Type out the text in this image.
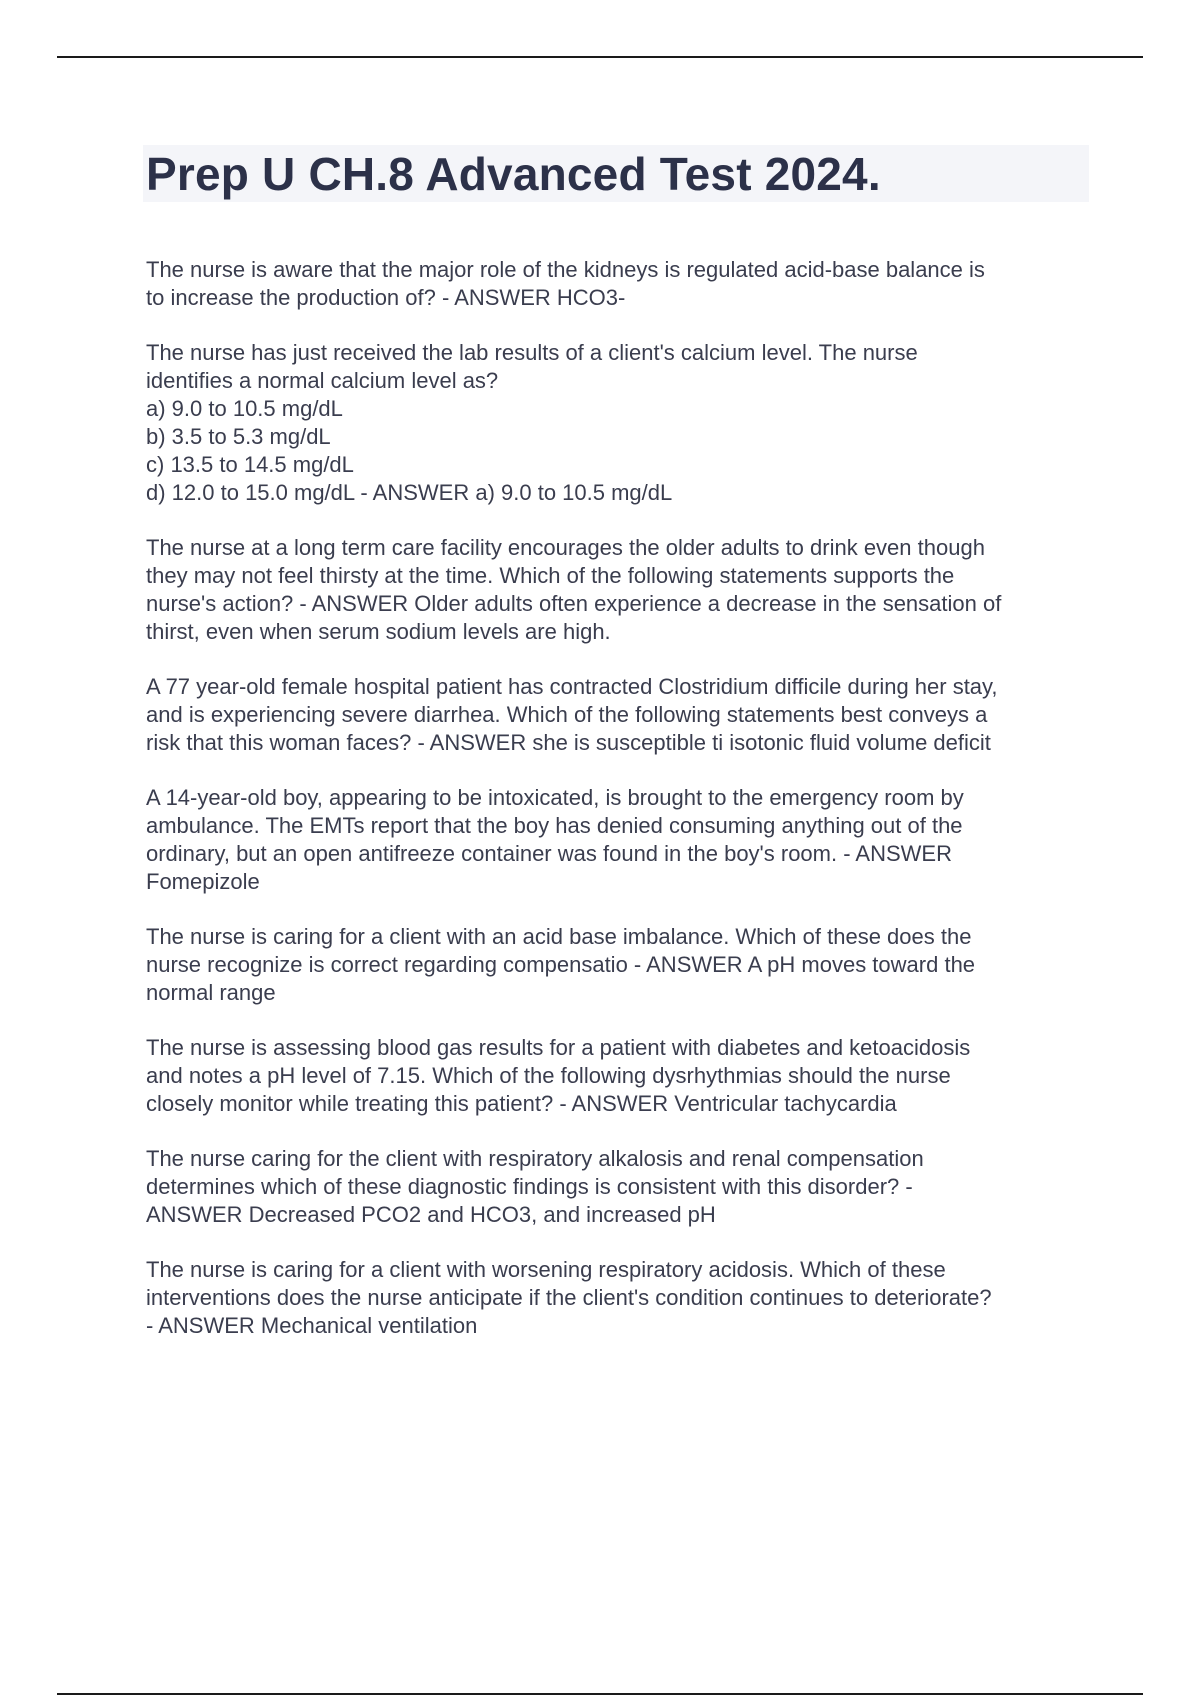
Prep U CH.8 Advanced Test 2024.

The nurse is aware that the major role of the kidneys is regulated acid-base balance is
to increase the production of? - ANSWER HCO3-

The nurse has just received the lab results of a client's calcium level. The nurse
identifies a normal calcium level as?
a) 9.0 to 10.5 mg/dL
b) 3.5 to 5.3 mg/dL
c) 13.5 to 14.5 mg/dL
d) 12.0 to 15.0 mg/dL - ANSWER a) 9.0 to 10.5 mg/dL

The nurse at a long term care facility encourages the older adults to drink even though
they may not feel thirsty at the time. Which of the following statements supports the
nurse's action? - ANSWER Older adults often experience a decrease in the sensation of
thirst, even when serum sodium levels are high.

A 77 year-old female hospital patient has contracted Clostridium difficile during her stay,
and is experiencing severe diarrhea. Which of the following statements best conveys a
risk that this woman faces? - ANSWER she is susceptible ti isotonic fluid volume deficit

A 14-year-old boy, appearing to be intoxicated, is brought to the emergency room by
ambulance. The EMTs report that the boy has denied consuming anything out of the
ordinary, but an open antifreeze container was found in the boy's room. - ANSWER
Fomepizole

The nurse is caring for a client with an acid base imbalance. Which of these does the
nurse recognize is correct regarding compensatio - ANSWER A pH moves toward the
normal range

The nurse is assessing blood gas results for a patient with diabetes and ketoacidosis
and notes a pH level of 7.15. Which of the following dysrhythmias should the nurse
closely monitor while treating this patient? - ANSWER Ventricular tachycardia

The nurse caring for the client with respiratory alkalosis and renal compensation
determines which of these diagnostic findings is consistent with this disorder? -
ANSWER Decreased PCO2 and HCO3, and increased pH

The nurse is caring for a client with worsening respiratory acidosis. Which of these
interventions does the nurse anticipate if the client's condition continues to deteriorate?
- ANSWER Mechanical ventilation
